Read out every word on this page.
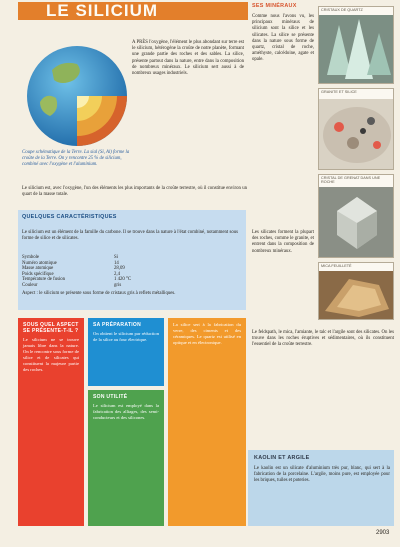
LE SILICIUM
Coupe schématique de la Terre. La sial (Si, Al) forme la croûte de la Terre. On y rencontre 25 % de silicium, combiné avec l'oxygène et l'aluminium.
A PRÈS l'oxygène, l'élément le plus abondant sur terre est le silicium, hétérogène la croûte de notre planète, formant une grande partie des roches et des sables. La silice, présente partout dans la nature, entre dans la composition de nombreux minéraux. Le silicium sert aussi à de nombreux usages industriels.
Le silicium est, avec l'oxygène, l'un des éléments les plus importants de la croûte terrestre, où il constitue environ un quart de la masse totale.
QUELQUES CARACTÉRISTIQUES
Le silicium est un élément de la famille du carbone. Il se trouve dans la nature à l'état combiné, notamment sous forme de silice et de silicates.
Symbole	Si
Numéro atomique	14
Masse atomique	28,09
Poids spécifique	2,4
Température de fusion	1 420 °C
Couleur	gris
Aspect : le silicium se présente sous forme de cristaux gris à reflets métalliques.
SOUS QUEL ASPECT SE PRÉSENTE-T-IL ?
Le silicium ne se trouve jamais libre dans la nature. On le rencontre sous forme de silice et de silicates qui constituent la majeure partie des roches.
SA PRÉPARATION
On obtient le silicium par réduction de la silice au four électrique.
SON UTILITÉ
Le silicium est employé dans la fabrication des alliages, des semi-conducteurs et des silicones.
La silice sert à la fabrication du verre, des ciments et des céramiques. Le quartz est utilisé en optique et en électronique.
SES MINÉRAUX
Comme nous l'avons vu, les principaux minéraux de silicium sont la silice et les silicates. La silice se présente dans la nature sous forme de quartz, cristal de roche, améthyste, calcédoine, agate et opale.
Les silicates forment la plupart des roches, comme le granite, et entrent dans la composition de nombreux minéraux.
CRISTAUX DE QUARTZ
GRANITE ET SILICE
CRISTAL DE GRENAT DANS UNE ROCHE
MICA FEUILLETÉ
Le feldspath, le mica, l'amiante, le talc et l'argile sont des silicates. On les trouve dans les roches éruptives et sédimentaires, où ils constituent l'essentiel de la croûte terrestre.
KAOLIN ET ARGILE
Le kaolin est un silicate d'aluminium très pur, blanc, qui sert à la fabrication de la porcelaine. L'argile, moins pure, est employée pour les briques, tuiles et poteries.
2903
